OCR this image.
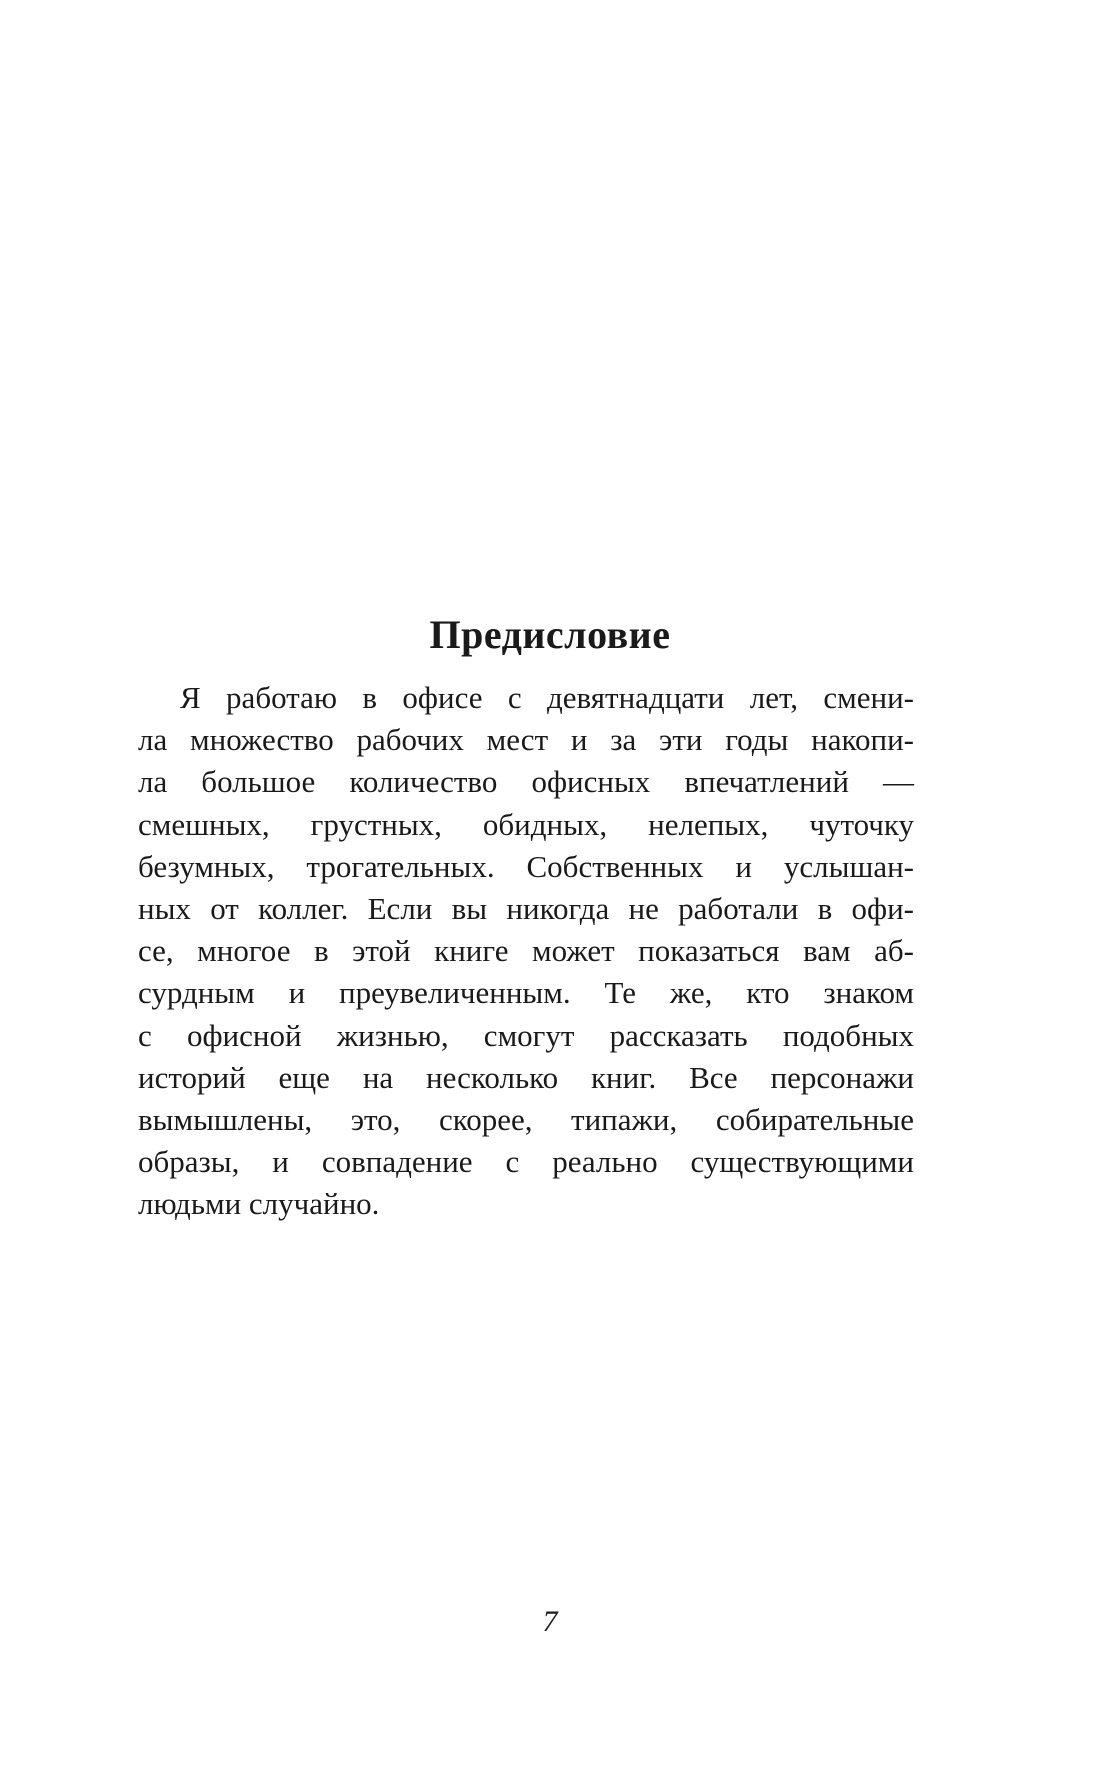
Предисловие
Я работаю в офисе с девятнадцати лет, смени-
ла множество рабочих мест и за эти годы накопи-
ла большое количество офисных впечатлений —
смешных, грустных, обидных, нелепых, чуточку
безумных, трогательных. Собственных и услышан-
ных от коллег. Если вы никогда не работали в офи-
се, многое в этой книге может показаться вам аб-
сурдным и преувеличенным. Те же, кто знаком
с офисной жизнью, смогут рассказать подобных
историй еще на несколько книг. Все персонажи
вымышлены, это, скорее, типажи, собирательные
образы, и совпадение с реально существующими
людьми случайно.
7
